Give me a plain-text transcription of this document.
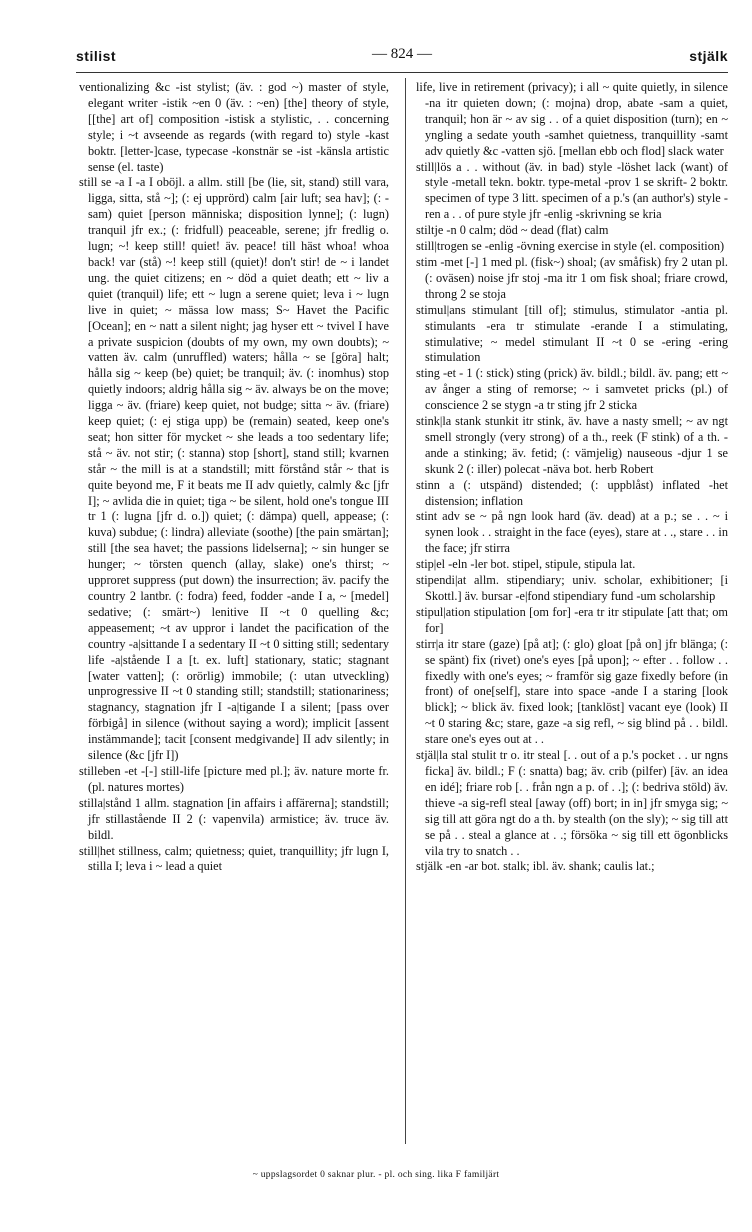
stilist	— 824 —	stjälk

ventionalizing &c -ist stylist; (äv. : god ~) master of style, elegant writer -istik ~en 0 (äv. : ~en) [the] theory of style, [[the] art of] composition -istisk a stylistic, . . concerning style; i ~t avseende as regards (with regard to) style -kast boktr. [letter-]case, typecase -konstnär se -ist -känsla artistic sense (el. taste)

still se -a I -a I oböjl. a allm. still [be (lie, sit, stand) still vara, ligga, sitta, stå ~]; (: ej upprörd) calm [air luft; sea hav]; (: -sam) quiet [person människa; disposition lynne]; (: lugn) tranquil jfr ex.; (: fridfull) peaceable, serene; jfr fredlig o. lugn; ~! keep still! quiet! äv. peace! till häst whoa! whoa back! var (stå) ~! keep still (quiet)! don't stir! de ~ i landet ung. the quiet citizens; en ~ död a quiet death; ett ~ liv a quiet (tranquil) life; ett ~ lugn a serene quiet; leva i ~ lugn live in quiet; ~ mässa low mass; S~ Havet the Pacific [Ocean]; en ~ natt a silent night; jag hyser ett ~ tvivel I have a private suspicion (doubts of my own, my own doubts); ~ vatten äv. calm (unruffled) waters; hålla ~ se [göra] halt; hålla sig ~ keep (be) quiet; be tranquil; äv. (: inomhus) stop quietly indoors; aldrig hålla sig ~ äv. always be on the move; ligga ~ äv. (friare) keep quiet, not budge; sitta ~ äv. (friare) keep quiet; (: ej stiga upp) be (remain) seated, keep one's seat; hon sitter för mycket ~ she leads a too sedentary life; stå ~ äv. not stir; (: stanna) stop [short], stand still; kvarnen står ~ the mill is at a standstill; mitt förstånd står ~ that is quite beyond me, F it beats me II adv quietly, calmly &c [jfr I]; ~ avlida die in quiet; tiga ~ be silent, hold one's tongue III tr 1 (: lugna [jfr d. o.]) quiet; (: dämpa) quell, appease; (: kuva) subdue; (: lindra) alleviate (soothe) [the pain smärtan]; still [the sea havet; the passions lidelserna]; ~ sin hunger se hunger; ~ törsten quench (allay, slake) one's thirst; ~ upproret suppress (put down) the insurrection; äv. pacify the country 2 lantbr. (: fodra) feed, fodder -ande I a, ~ [medel] sedative; (: smärt~) lenitive II ~t 0 quelling &c; appeasement; ~t av uppror i landet the pacification of the country -a|sittande I a sedentary II ~t 0 sitting still; sedentary life -a|stående I a [t. ex. luft] stationary, static; stagnant [water vatten]; (: orörlig) immobile; (: utan utveckling) unprogressive II ~t 0 standing still; standstill; stationariness; stagnancy, stagnation jfr I -a|tigande I a silent; [pass over förbigå] in silence (without saying a word); implicit [assent instämmande]; tacit [consent medgivande] II adv silently; in silence (&c [jfr I])

stilleben -et -[-] still-life [picture med pl.]; äv. nature morte fr. (pl. natures mortes)

stilla|stånd 1 allm. stagnation [in affairs i affärerna]; standstill; jfr stillastående II 2 (: vapenvila) armistice; äv. truce äv. bildl.

still|het stillness, calm; quietness; quiet, tranquillity; jfr lugn I, stilla I; leva i ~ lead a quiet

life, live in retirement (privacy); i all ~ quite quietly, in silence -na itr quieten down; (: mojna) drop, abate -sam a quiet, tranquil; hon är ~ av sig . . of a quiet disposition (turn); en ~ yngling a sedate youth -samhet quietness, tranquillity -samt adv quietly &c -vatten sjö. [mellan ebb och flod] slack water

still|lös a . . without (äv. in bad) style -löshet lack (want) of style -metall tekn. boktr. type-metal -prov 1 se skrift- 2 boktr. specimen of type 3 litt. specimen of a p.'s (an author's) style -ren a . . of pure style jfr -enlig -skrivning se kria

stiltje -n 0 calm; död ~ dead (flat) calm

still|trogen se -enlig -övning exercise in style (el. composition)

stim -met [-] 1 med pl. (fisk~) shoal; (av småfisk) fry 2 utan pl. (: oväsen) noise jfr stoj -ma itr 1 om fisk shoal; friare crowd, throng 2 se stoja

stimul|ans stimulant [till of]; stimulus, stimulator -antia pl. stimulants -era tr stimulate -erande I a stimulating, stimulative; ~ medel stimulant II ~t 0 se -ering -ering stimulation

sting -et - 1 (: stick) sting (prick) äv. bildl.; bildl. äv. pang; ett ~ av ånger a sting of remorse; ~ i samvetet pricks (pl.) of conscience 2 se stygn -a tr sting jfr 2 sticka

stink|la stank stunkit itr stink, äv. have a nasty smell; ~ av ngt smell strongly (very strong) of a th., reek (F stink) of a th. -ande a stinking; äv. fetid; (: vämjelig) nauseous -djur 1 se skunk 2 (: iller) polecat -näva bot. herb Robert

stinn a (: utspänd) distended; (: uppblåst) inflated -het distension; inflation

stint adv se ~ på ngn look hard (äv. dead) at a p.; se . . ~ i synen look . . straight in the face (eyes), stare at . ., stare . . in the face; jfr stirra

stip|el -eln -ler bot. stipel, stipule, stipula lat.

stipendi|at allm. stipendiary; univ. scholar, exhibitioner; [i Skottl.] äv. bursar -e|fond stipendiary fund -um scholarship

stipul|ation stipulation [om for] -era tr itr stipulate [att that; om for]

stirr|a itr stare (gaze) [på at]; (: glo) gloat [på on] jfr blänga; (: se spänt) fix (rivet) one's eyes [på upon]; ~ efter . . follow . . fixedly with one's eyes; ~ framför sig gaze fixedly before (in front) of one[self], stare into space -ande I a staring [look blick]; ~ blick äv. fixed look; [tanklöst] vacant eye (look) II ~t 0 staring &c; stare, gaze -a sig refl, ~ sig blind på . . bildl. stare one's eyes out at . .

stjäl|la stal stulit tr o. itr steal [. . out of a p.'s pocket . . ur ngns ficka] äv. bildl.; F (: snatta) bag; äv. crib (pilfer) [äv. an idea en idé]; friare rob [. . från ngn a p. of . .]; (: bedriva stöld) äv. thieve -a sig-refl steal [away (off) bort; in in] jfr smyga sig; ~ sig till att göra ngt do a th. by stealth (on the sly); ~ sig till att se på . . steal a glance at . .; försöka ~ sig till ett ögonblicks vila try to snatch . .

stjälk -en -ar bot. stalk; ibl. äv. shank; caulis lat.;

~ uppslagsordet 0 saknar plur. - pl. och sing. lika F familjärt
